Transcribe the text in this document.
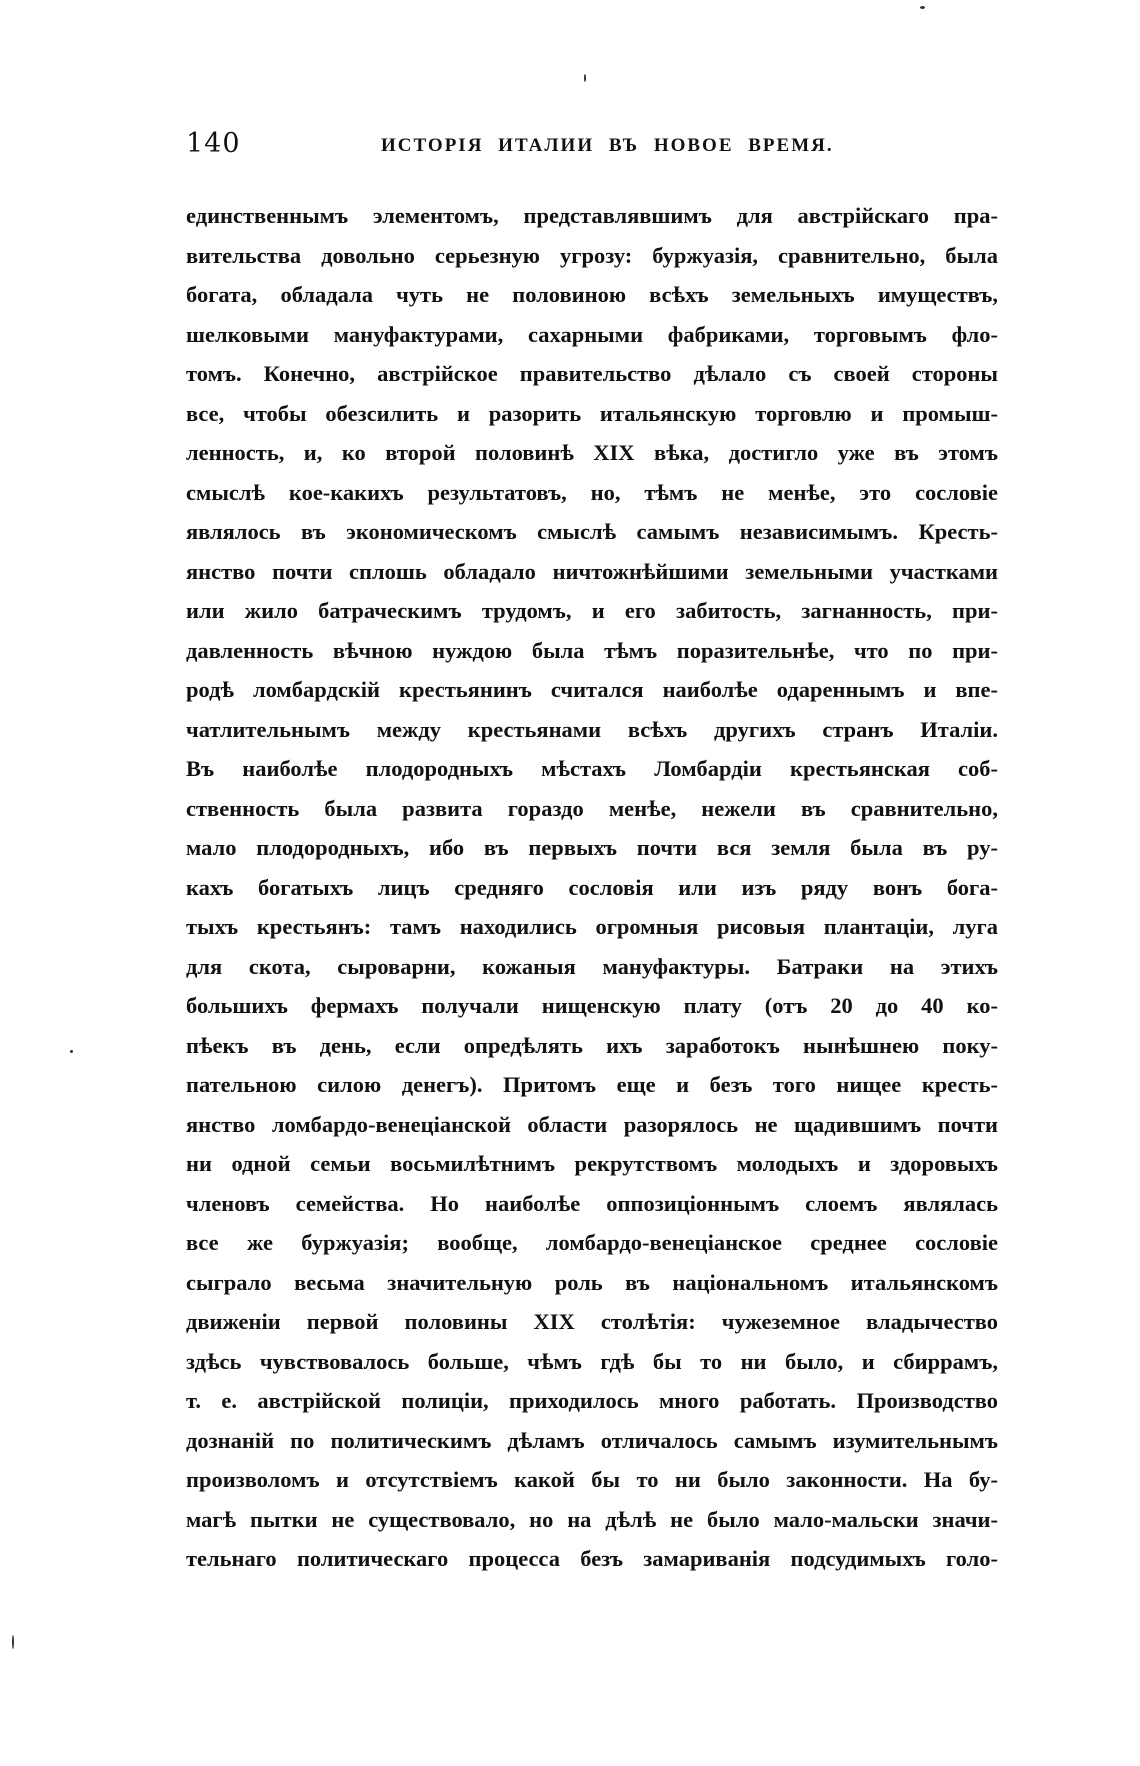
140	ИСТОРІЯ ИТАЛИИ ВЪ НОВОЕ ВРЕМЯ.
единственнымъ элементомъ, представлявшимъ для австрійскаго пра-
вительства довольно серьезную угрозу: буржуазія, сравнительно, была
богата, обладала чуть не половиною всѣхъ земельныхъ имуществъ,
шелковыми мануфактурами, сахарными фабриками, торговымъ фло-
томъ. Конечно, австрійское правительство дѣлало съ своей стороны
все, чтобы обезсилить и разорить итальянскую торговлю и промыш-
ленность, и, ко второй половинѣ XIX вѣка, достигло уже въ этомъ
смыслѣ кое-какихъ результатовъ, но, тѣмъ не менѣе, это сословіе
являлось въ экономическомъ смыслѣ самымъ независимымъ. Кресть-
янство почти сплошь обладало ничтожнѣйшими земельными участками
или жило батраческимъ трудомъ, и его забитость, загнанность, при-
давленность вѣчною нуждою была тѣмъ поразительнѣе, что по при-
родѣ ломбардскій крестьянинъ считался наиболѣе одареннымъ и впе-
чатлительнымъ между крестьянами всѣхъ другихъ странъ Италіи.
Въ наиболѣе плодородныхъ мѣстахъ Ломбардіи крестьянская соб-
ственность была развита гораздо менѣе, нежели въ сравнительно,
мало плодородныхъ, ибо въ первыхъ почти вся земля была въ ру-
кахъ богатыхъ лицъ средняго сословія или изъ ряду вонъ бога-
тыхъ крестьянъ: тамъ находились огромныя рисовыя плантаціи, луга
для скота, сыроварни, кожаныя мануфактуры. Батраки на этихъ
большихъ фермахъ получали нищенскую плату (отъ 20 до 40 ко-
пѣекъ въ день, если опредѣлять ихъ заработокъ нынѣшнею поку-
пательною силою денегъ). Притомъ еще и безъ того нищее кресть-
янство ломбардо-венеціанской области разорялось не щадившимъ почти
ни одной семьи восьмилѣтнимъ рекрутствомъ молодыхъ и здоровыхъ
членовъ семейства. Но наиболѣе оппозиціоннымъ слоемъ являлась
все же буржуазія; вообще, ломбардо-венеціанское среднее сословіе
сыграло весьма значительную роль въ національномъ итальянскомъ
движеніи первой половины XIX столѣтія: чужеземное владычество
здѣсь чувствовалось больше, чѣмъ гдѣ бы то ни было, и сбиррамъ,
т. е. австрійской полиціи, приходилось много работать. Производство
дознаній по политическимъ дѣламъ отличалось самымъ изумительнымъ
произволомъ и отсутствіемъ какой бы то ни было законности. На бу-
магѣ пытки не существовало, но на дѣлѣ не было мало-мальски значи-
тельнаго политическаго процесса безъ замариванія подсудимыхъ голо-
